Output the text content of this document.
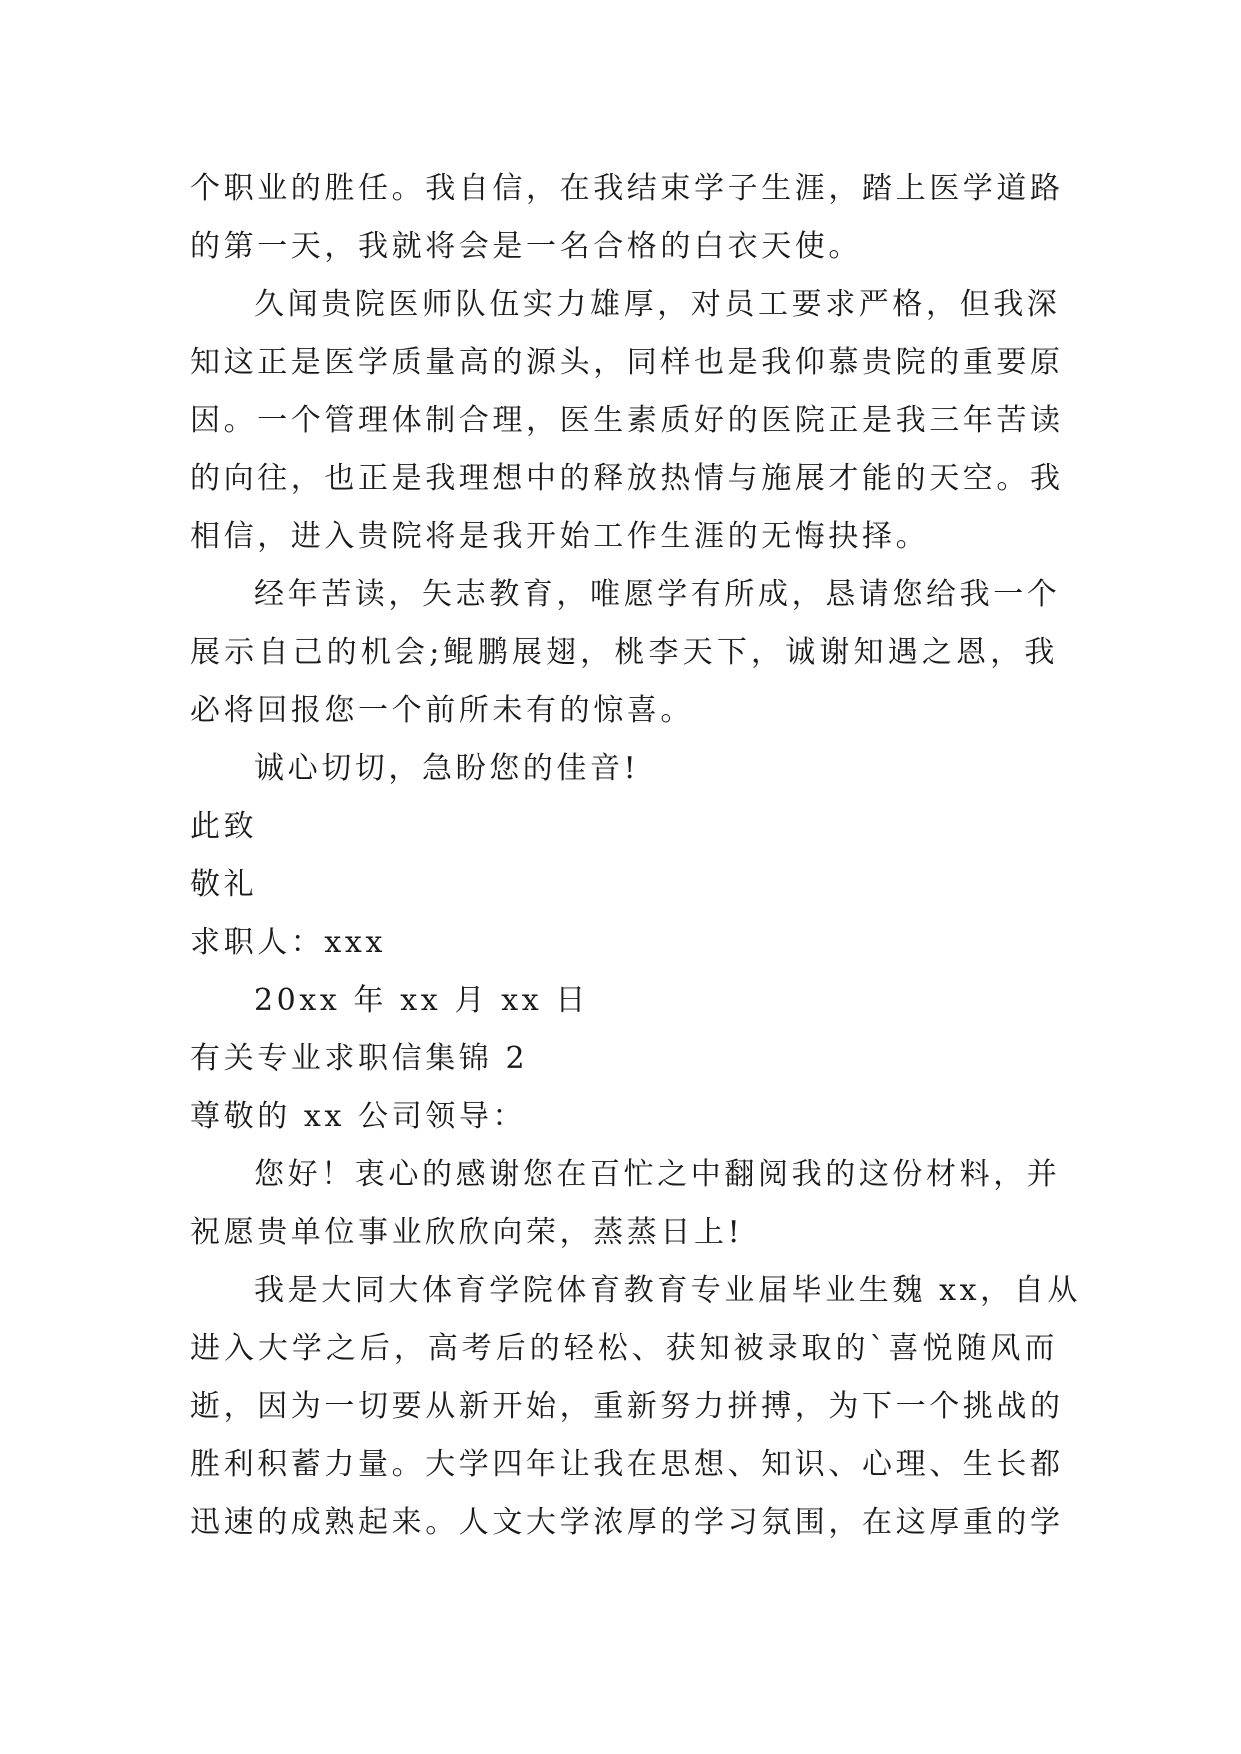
个职业的胜任。我自信，在我结束学子生涯，踏上医学道路
的第一天，我就将会是一名合格的白衣天使。
久闻贵院医师队伍实力雄厚，对员工要求严格，但我深
知这正是医学质量高的源头，同样也是我仰慕贵院的重要原
因。一个管理体制合理，医生素质好的医院正是我三年苦读
的向往，也正是我理想中的释放热情与施展才能的天空。我
相信，进入贵院将是我开始工作生涯的无悔抉择。
经年苦读，矢志教育，唯愿学有所成，恳请您给我一个
展示自己的机会;鲲鹏展翅，桃李天下，诚谢知遇之恩，我
必将回报您一个前所未有的惊喜。
诚心切切，急盼您的佳音!
此致
敬礼
求职人：xxx
20xx 年 xx 月 xx 日
有关专业求职信集锦 2
尊敬的 xx 公司领导：
您好！衷心的感谢您在百忙之中翻阅我的这份材料，并
祝愿贵单位事业欣欣向荣，蒸蒸日上!
我是大同大体育学院体育教育专业届毕业生魏 xx，自从
进入大学之后，高考后的轻松、获知被录取的`喜悦随风而
逝，因为一切要从新开始，重新努力拼搏，为下一个挑战的
胜利积蓄力量。大学四年让我在思想、知识、心理、生长都
迅速的成熟起来。人文大学浓厚的学习氛围，在这厚重的学
